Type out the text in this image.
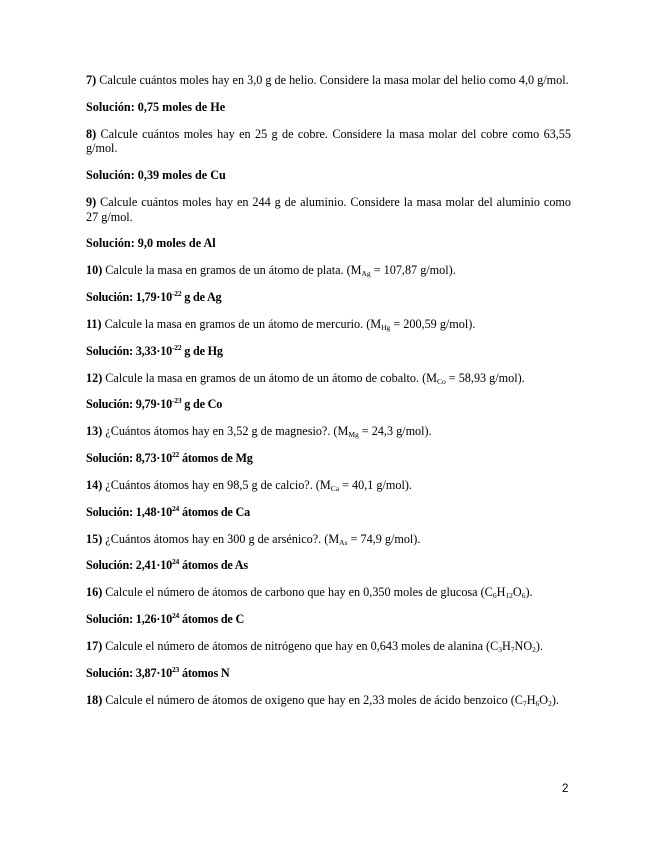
7) Calcule cuántos moles hay en 3,0 g de helio. Considere la masa molar del helio como 4,0 g/mol.

Solución: 0,75 moles de He

8) Calcule cuántos moles hay en 25 g de cobre. Considere la masa molar del cobre como 63,55 g/mol.

Solución: 0,39 moles de Cu

9) Calcule cuántos moles hay en 244 g de aluminio. Considere la masa molar del aluminio como 27 g/mol.

Solución: 9,0 moles de Al

10) Calcule la masa en gramos de un átomo de plata. ($M_{Ag} = 107,87$ g/mol).

Solución: $1,79\cdot 10^{-22}$ g de Ag

11) Calcule la masa en gramos de un átomo de mercurio. ($M_{Hg} = 200,59$ g/mol).

Solución: $3,33\cdot 10^{-22}$ g de Hg

12) Calcule la masa en gramos de un átomo de un átomo de cobalto. ($M_{Co} = 58,93$ g/mol).

Solución: $9,79\cdot 10^{-23}$ g de Co

13) ¿Cuántos átomos hay en 3,52 g de magnesio?. ($M_{Mg} = 24,3$ g/mol).

Solución: $8,73\cdot 10^{22}$ átomos de Mg

14) ¿Cuántos átomos hay en 98,5 g de calcio?. ($M_{Ca} = 40,1$ g/mol).

Solución: $1,48\cdot 10^{24}$ átomos de Ca

15) ¿Cuántos átomos hay en 300 g de arsénico?. ($M_{As} = 74,9$ g/mol).

Solución: $2,41\cdot 10^{24}$ átomos de As

16) Calcule el número de átomos de carbono que hay en 0,350 moles de glucosa $(C_6H_{12}O_6)$.

Solución: $1,26\cdot 10^{24}$ átomos de C

17) Calcule el número de átomos de nitrógeno que hay en 0,643 moles de alanina $(C_3H_7NO_2)$.

Solución: $3,87\cdot 10^{23}$ átomos N

18) Calcule el número de átomos de oxigeno que hay en 2,33 moles de ácido benzoico $(C_7H_6O_2)$.

2
